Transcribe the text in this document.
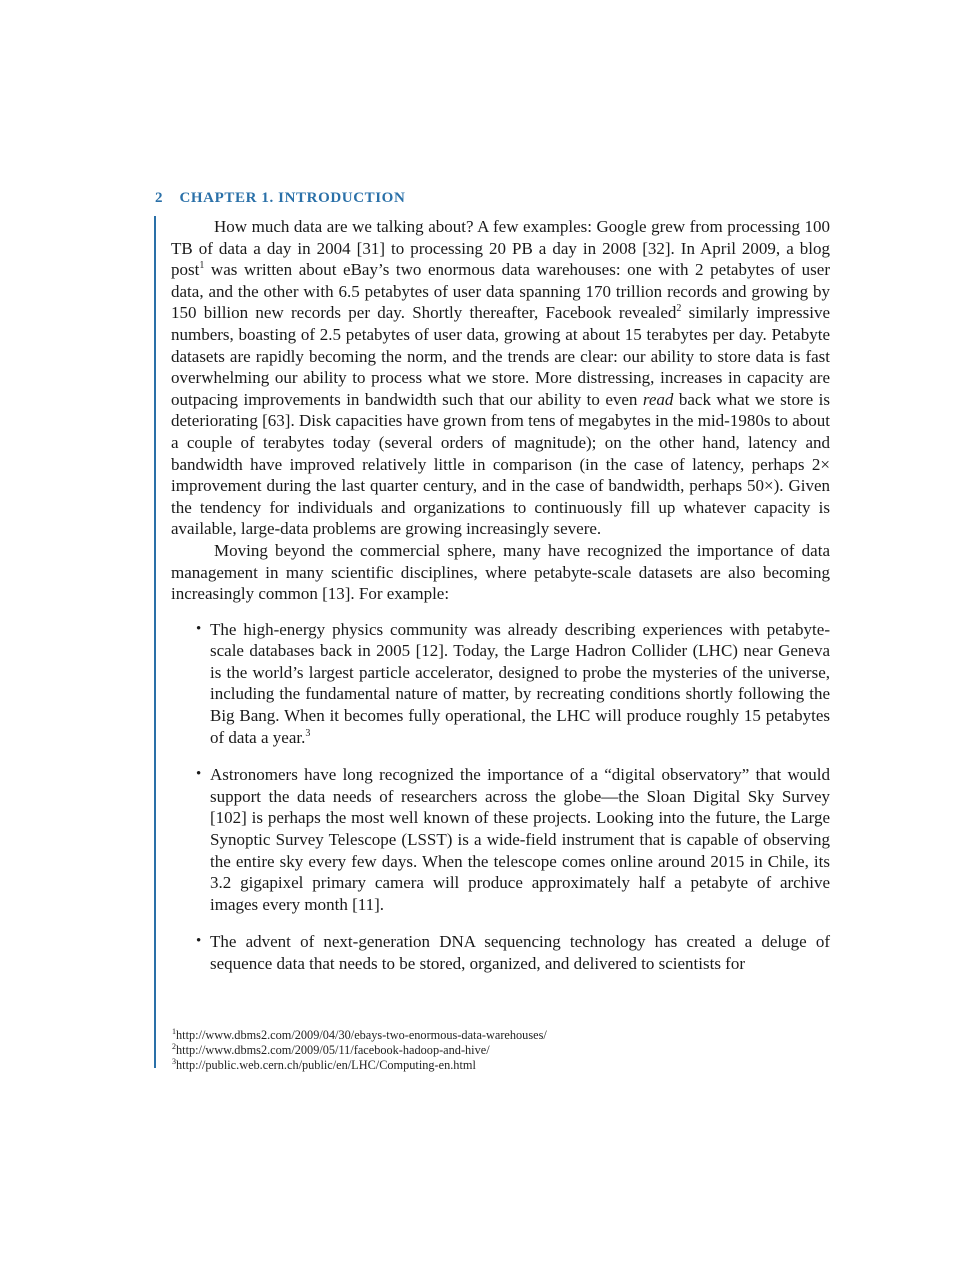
2 CHAPTER 1. INTRODUCTION

How much data are we talking about? A few examples: Google grew from processing 100 TB of data a day in 2004 [31] to processing 20 PB a day in 2008 [32]. In April 2009, a blog post$^1$ was written about eBay’s two enormous data warehouses: one with 2 petabytes of user data, and the other with 6.5 petabytes of user data spanning 170 trillion records and growing by 150 billion new records per day. Shortly thereafter, Facebook revealed$^2$ similarly impressive numbers, boasting of 2.5 petabytes of user data, growing at about 15 terabytes per day. Petabyte datasets are rapidly becoming the norm, and the trends are clear: our ability to store data is fast overwhelming our ability to process what we store. More distressing, increases in capacity are outpacing improvements in bandwidth such that our ability to even read back what we store is deteriorating [63]. Disk capacities have grown from tens of megabytes in the mid-1980s to about a couple of terabytes today (several orders of magnitude); on the other hand, latency and bandwidth have improved relatively little in comparison (in the case of latency, perhaps 2× improvement during the last quarter century, and in the case of bandwidth, perhaps 50×). Given the tendency for individuals and organizations to continuously fill up whatever capacity is available, large-data problems are growing increasingly severe.

Moving beyond the commercial sphere, many have recognized the importance of data management in many scientific disciplines, where petabyte-scale datasets are also becoming increasingly common [13]. For example:

• The high-energy physics community was already describing experiences with petabyte-scale databases back in 2005 [12]. Today, the Large Hadron Collider (LHC) near Geneva is the world’s largest particle accelerator, designed to probe the mysteries of the universe, including the fundamental nature of matter, by recreating conditions shortly following the Big Bang. When it becomes fully operational, the LHC will produce roughly 15 petabytes of data a year.$^3$
• Astronomers have long recognized the importance of a “digital observatory” that would support the data needs of researchers across the globe—the Sloan Digital Sky Survey [102] is perhaps the most well known of these projects. Looking into the future, the Large Synoptic Survey Telescope (LSST) is a wide-field instrument that is capable of observing the entire sky every few days. When the telescope comes online around 2015 in Chile, its 3.2 gigapixel primary camera will produce approximately half a petabyte of archive images every month [11].
• The advent of next-generation DNA sequencing technology has created a deluge of sequence data that needs to be stored, organized, and delivered to scientists for
$^1$http://www.dbms2.com/2009/04/30/ebays-two-enormous-data-warehouses/
$^2$http://www.dbms2.com/2009/05/11/facebook-hadoop-and-hive/
$^3$http://public.web.cern.ch/public/en/LHC/Computing-en.html
